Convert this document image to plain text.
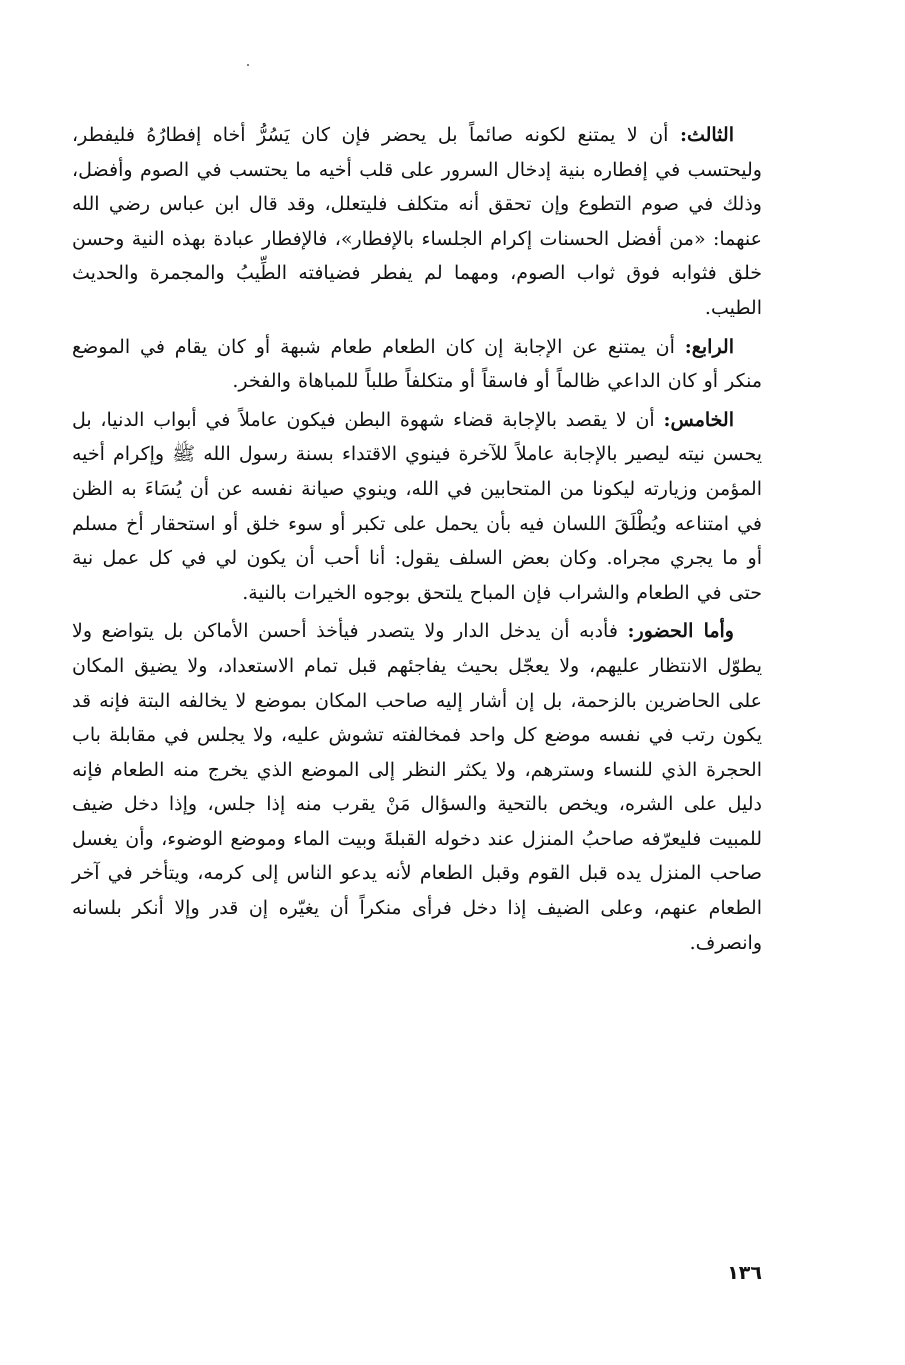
الثالث: أن لا يمتنع لكونه صائماً بل يحضر فإن كان يَسُرُّ أخاه إفطارُهُ فليفطر، وليحتسب في إفطاره بنية إدخال السرور على قلب أخيه ما يحتسب في الصوم وأفضل، وذلك في صوم التطوع وإن تحقق أنه متكلف فليتعلل، وقد قال ابن عباس رضي الله عنهما: «من أفضل الحسنات إكرام الجلساء بالإفطار»، فالإفطار عبادة بهذه النية وحسن خلق فثوابه فوق ثواب الصوم، ومهما لم يفطر فضيافته الطِّيبُ والمجمرة والحديث الطيب.

الرابع: أن يمتنع عن الإجابة إن كان الطعام طعام شبهة أو كان يقام في الموضع منكر أو كان الداعي ظالماً أو فاسقاً أو متكلفاً طلباً للمباهاة والفخر.

الخامس: أن لا يقصد بالإجابة قضاء شهوة البطن فيكون عاملاً في أبواب الدنيا، بل يحسن نيته ليصير بالإجابة عاملاً للآخرة فينوي الاقتداء بسنة رسول الله ﷺ وإكرام أخيه المؤمن وزيارته ليكونا من المتحابين في الله، وينوي صيانة نفسه عن أن يُسَاءَ به الظن في امتناعه ويُطْلَقَ اللسان فيه بأن يحمل على تكبر أو سوء خلق أو استحقار أخ مسلم أو ما يجري مجراه. وكان بعض السلف يقول: أنا أحب أن يكون لي في كل عمل نية حتى في الطعام والشراب فإن المباح يلتحق بوجوه الخيرات بالنية.

وأما الحضور: فأدبه أن يدخل الدار ولا يتصدر فيأخذ أحسن الأماكن بل يتواضع ولا يطوّل الانتظار عليهم، ولا يعجّل بحيث يفاجئهم قبل تمام الاستعداد، ولا يضيق المكان على الحاضرين بالزحمة، بل إن أشار إليه صاحب المكان بموضع لا يخالفه البتة فإنه قد يكون رتب في نفسه موضع كل واحد فمخالفته تشوش عليه، ولا يجلس في مقابلة باب الحجرة الذي للنساء وسترهم، ولا يكثر النظر إلى الموضع الذي يخرج منه الطعام فإنه دليل على الشره، ويخص بالتحية والسؤال مَنْ يقرب منه إذا جلس، وإذا دخل ضيف للمبيت فليعرّفه صاحبُ المنزل عند دخوله القبلةَ وبيت الماء وموضع الوضوء، وأن يغسل صاحب المنزل يده قبل القوم وقبل الطعام لأنه يدعو الناس إلى كرمه، ويتأخر في آخر الطعام عنهم، وعلى الضيف إذا دخل فرأى منكراً أن يغيّره إن قدر وإلا أنكر بلسانه وانصرف.

١٣٦
